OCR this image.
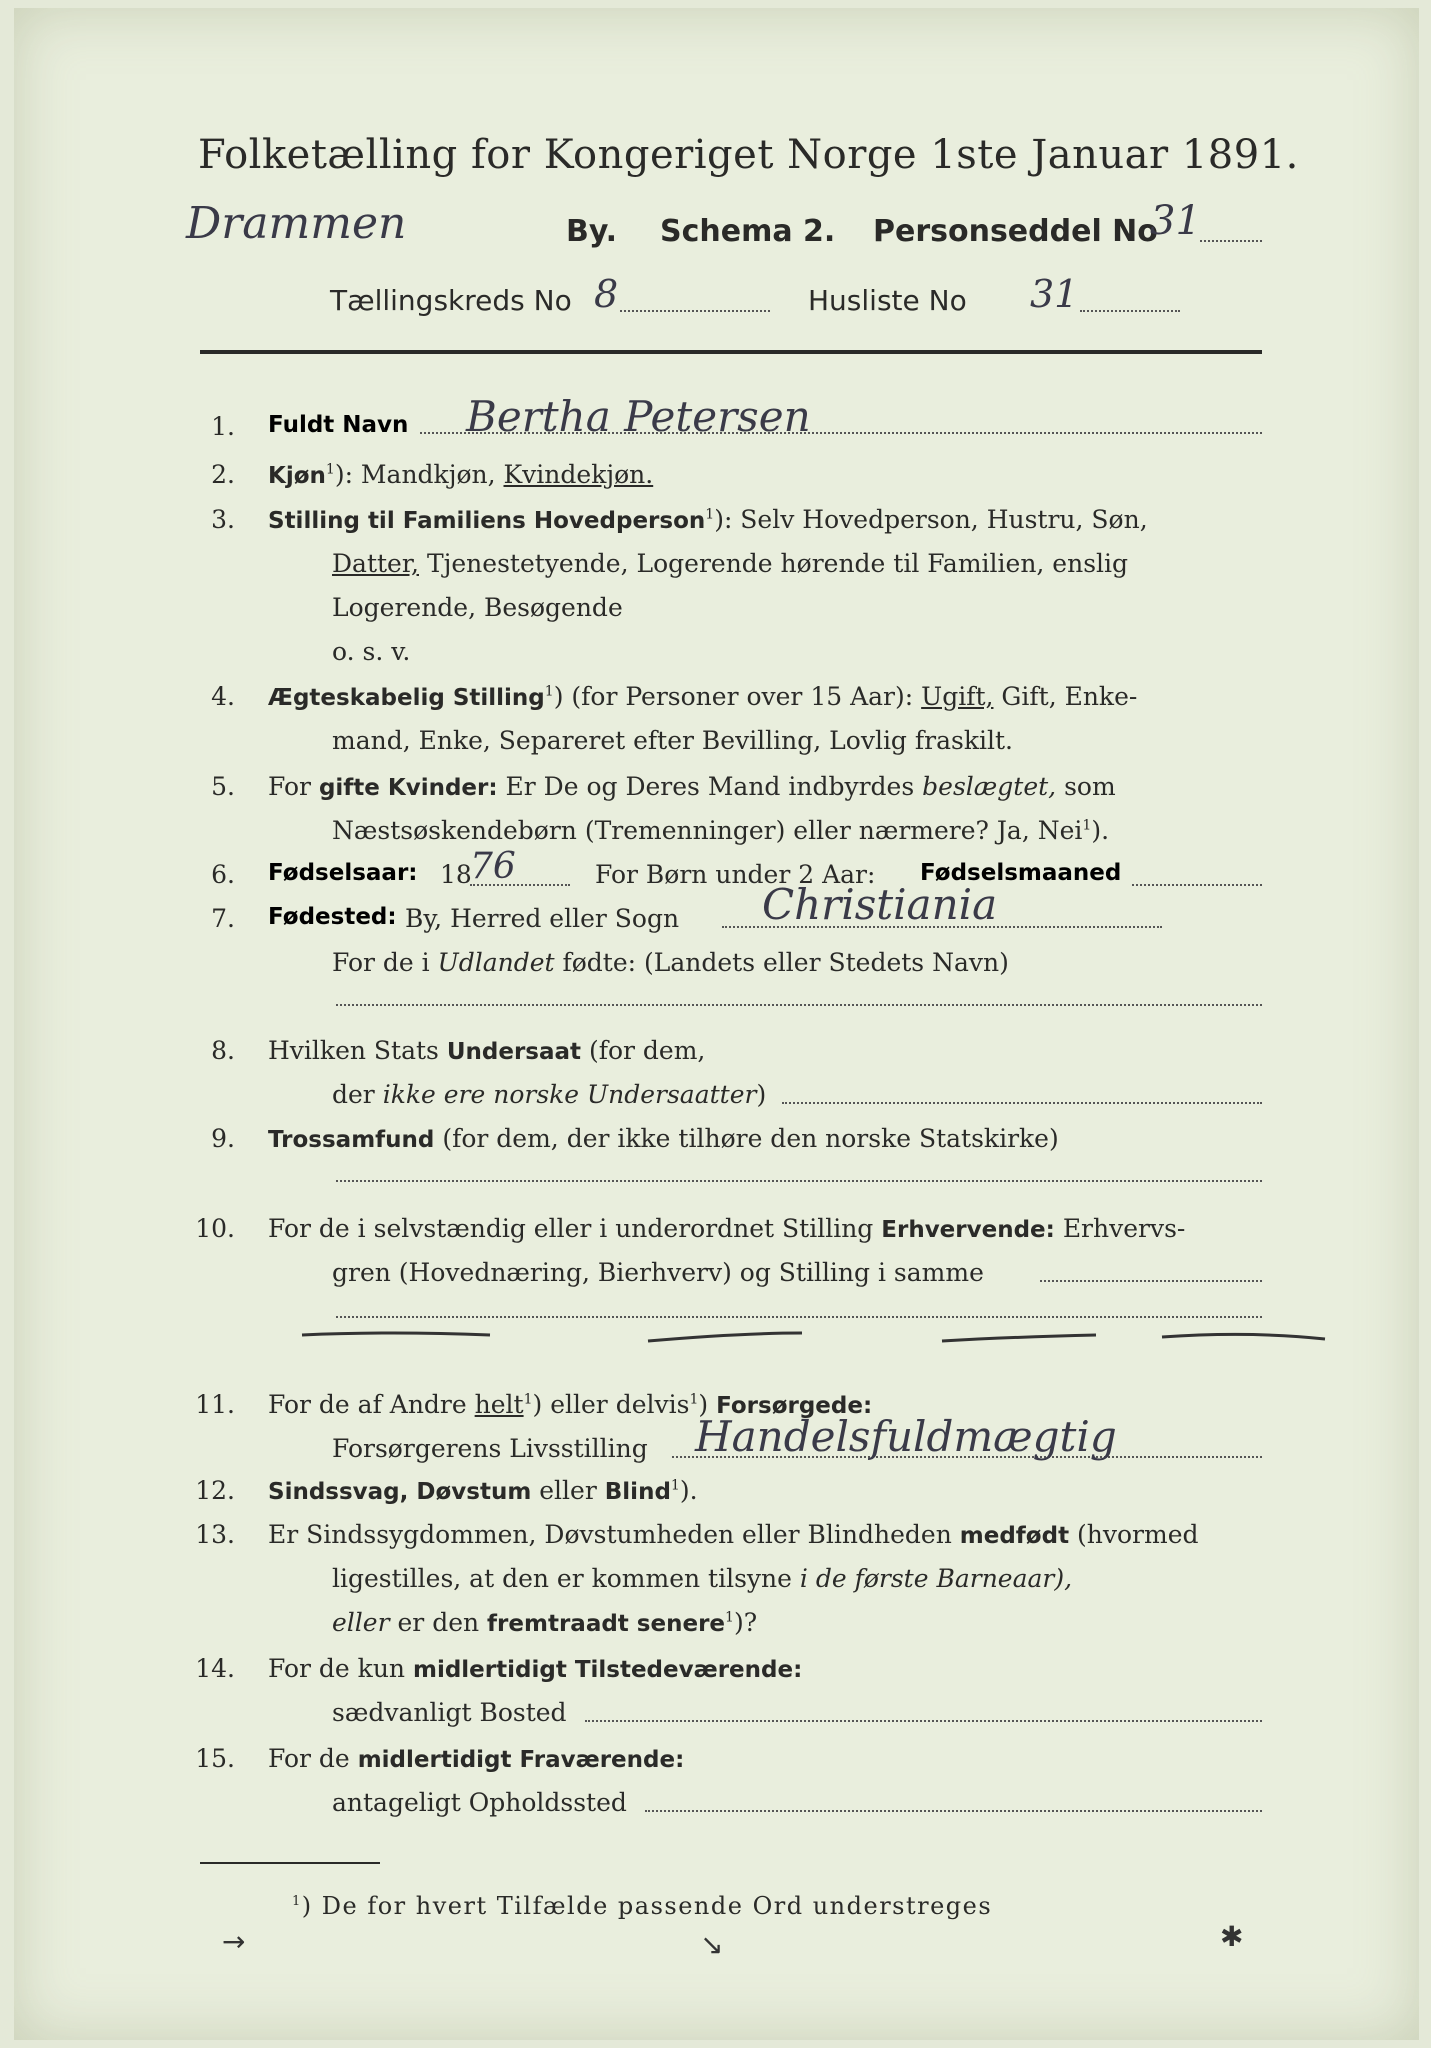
Folketælling for Kongeriget Norge 1ste Januar 1891.
Drammen	By. Schema 2. Personseddel No
31
Tællingskreds No 8	Husliste No 31
1. Fuldt Navn Bertha Petersen
2. Kjøn$^1$): Mandkjøn, Kvindekjøn.
3. Stilling til Familiens Hovedperson$^1$): Selv Hovedperson, Hustru, Søn,
Datter, Tjenestetyende, Logerende hørende til Familien, enslig
Logerende, Besøgende
o. s. v.
4. Ægteskabelig Stilling$^1$) (for Personer over 15 Aar): Ugift, Gift, Enke-
mand, Enke, Separeret efter Bevilling, Lovlig fraskilt.
5. For gifte Kvinder: Er De og Deres Mand indbyrdes beslægtet, som
Næstsøskendebørn (Tremenninger) eller nærmere? Ja, Nei$^1$).
6. Fødselsaar: 18
76	For Børn under 2 Aar: Fødselsmaaned
7. Fødested: By, Herred eller Sogn Christiania
For de i Udlandet fødte: (Landets eller Stedets Navn)
8. Hvilken Stats Undersaat (for dem,
der ikke ere norske Undersaatter)
9. Trossamfund (for dem, der ikke tilhøre den norske Statskirke)
10. For de i selvstændig eller i underordnet Stilling Erhvervende: Erhvervs-
gren (Hovednæring, Bierhverv) og Stilling i samme
11. For de af Andre helt$^1$) eller delvis$^1$) Forsørgede:
Forsørgerens Livsstilling Handelsfuldmægtig
12. Sindssvag, Døvstum eller Blind$^1$).
13. Er Sindssygdommen, Døvstumheden eller Blindheden medfødt (hvormed
ligestilles, at den er kommen tilsyne i de første Barneaar),
eller er den fremtraadt senere$^1$)?
14. For de kun midlertidigt Tilstedeværende:
sædvanligt Bosted
15. For de midlertidigt Fraværende:
antageligt Opholdssted
$^1$) De for hvert Tilfælde passende Ord understreges
→	↘	✱
